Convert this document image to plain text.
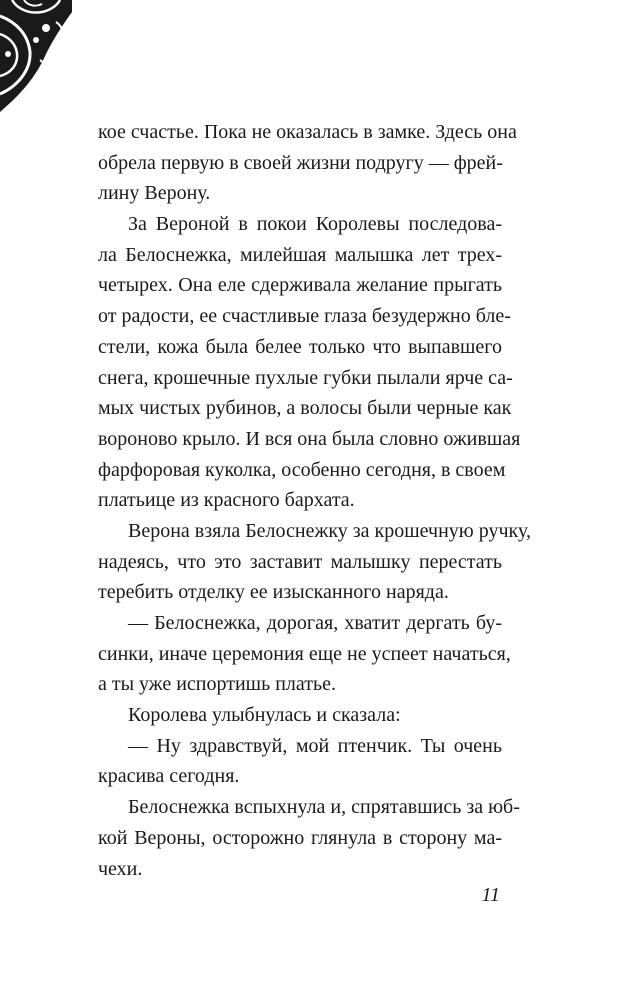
кое счастье. Пока не оказалась в замке. Здесь она
обрела первую в своей жизни подругу — фрей-
лину Верону.
За Вероной в покои Королевы последова-
ла Белоснежка, милейшая малышка лет трех-
четырех. Она еле сдерживала желание прыгать
от радости, ее счастливые глаза безудержно бле-
стели, кожа была белее только что выпавшего
снега, крошечные пухлые губки пылали ярче са-
мых чистых рубинов, а волосы были черные как
вороново крыло. И вся она была словно ожившая
фарфоровая куколка, особенно сегодня, в своем
платьице из красного бархата.
Верона взяла Белоснежку за крошечную ручку,
надеясь, что это заставит малышку перестать
теребить отделку ее изысканного наряда.
— Белоснежка, дорогая, хватит дергать бу-
синки, иначе церемония еще не успеет начаться,
а ты уже испортишь платье.
Королева улыбнулась и сказала:
— Ну здравствуй, мой птенчик. Ты очень
красива сегодня.
Белоснежка вспыхнула и, спрятавшись за юб-
кой Вероны, осторожно глянула в сторону ма-
чехи.
11
